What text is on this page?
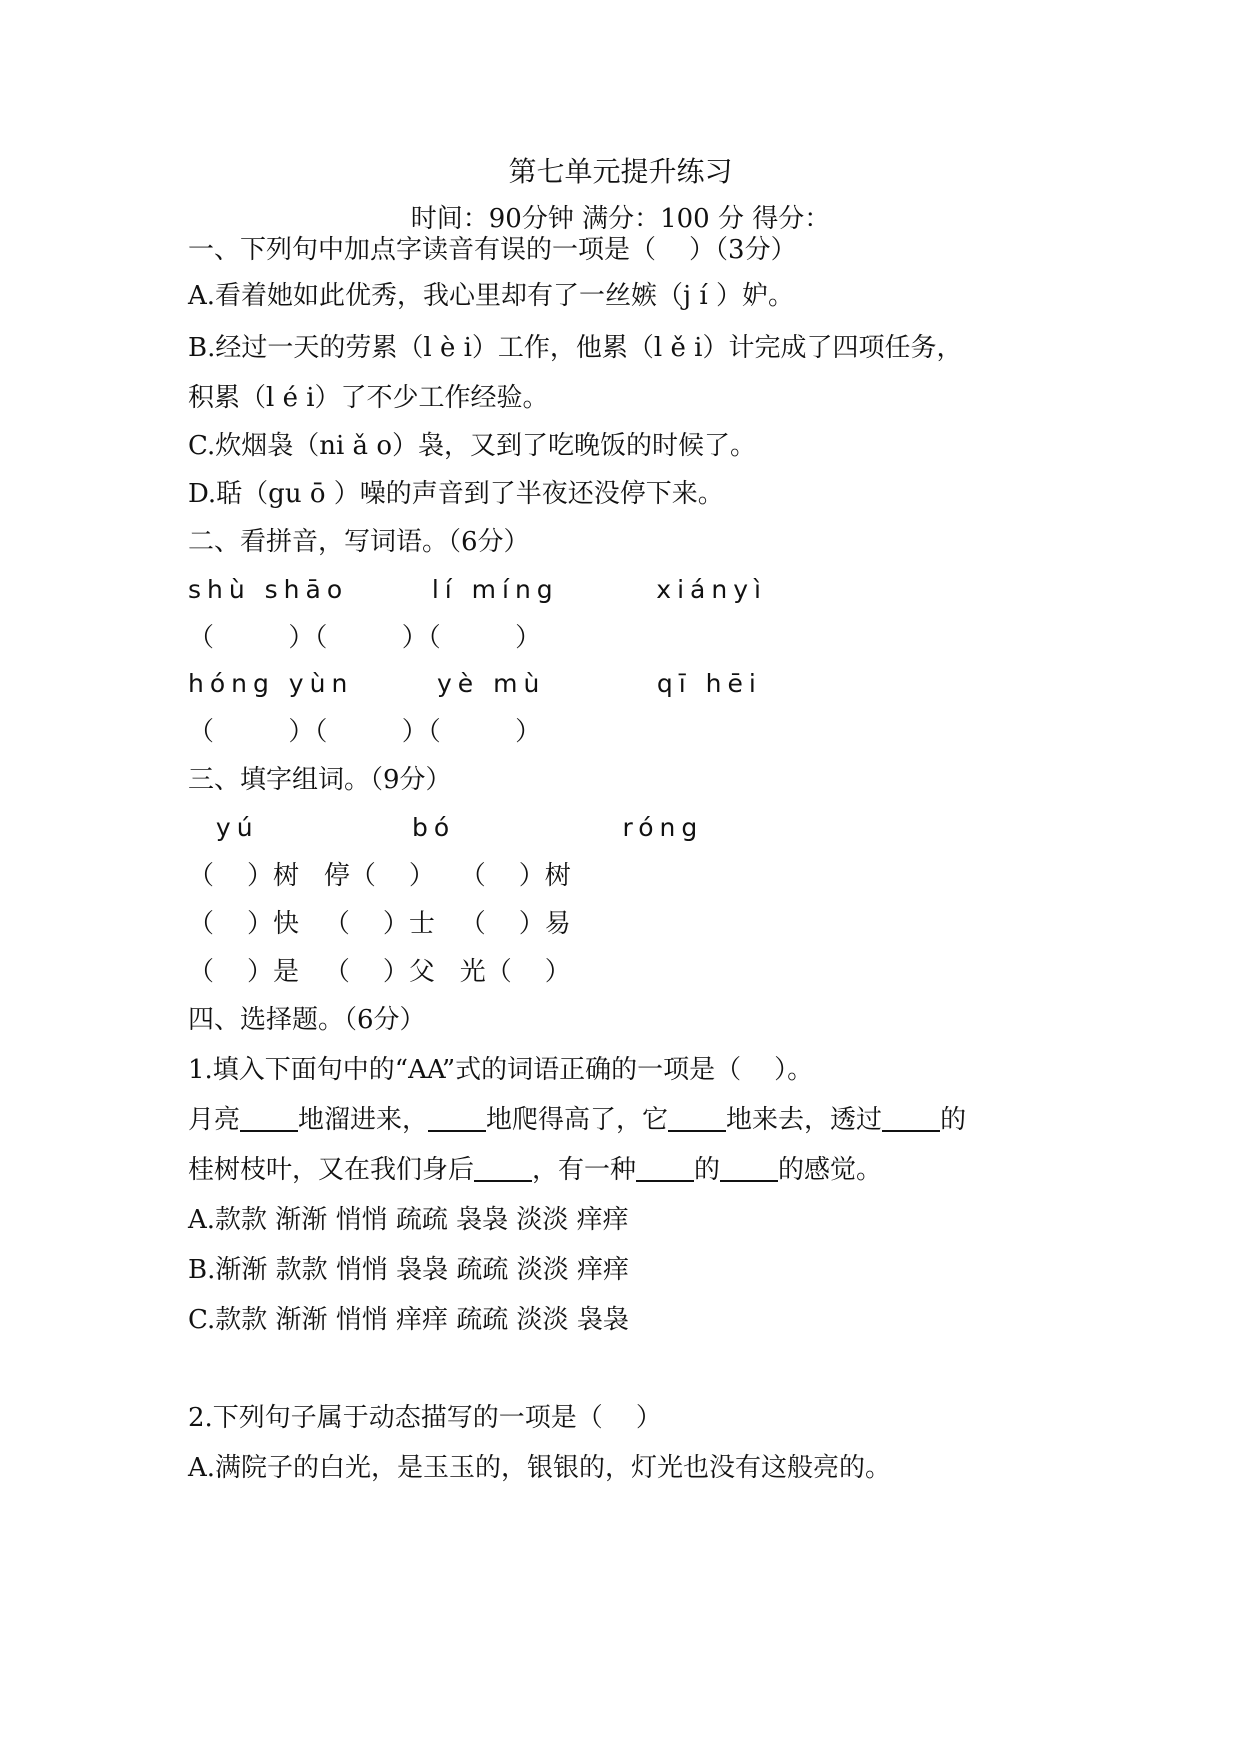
第七单元提升练习
时间：90分钟 满分：100 分 得分：
一、下列句中加点字读音有误的一项是（    ）（3分）
A.看着她如此优秀，我心里却有了一丝嫉（j í ）妒。
B.经过一天的劳累（l è i）工作，他累（l ě i）计完成了四项任务，
积累（l é i）了不少工作经验。
C.炊烟袅（ni ǎ o）袅，又到了吃晚饭的时候了。
D.聒（gu ō ）噪的声音到了半夜还没停下来。
二、看拼音，写词语。（6分）
shù shāo      lí míng       xiányì
（         ）（         ）（         ）
hóng yùn      yè mù        qī hēi
（         ）（         ）（         ）
三、填字组词。（9分）
yú           bó            róng
（    ）树   停（    ）   （    ）树
（    ）快   （    ）士   （    ）易
（    ）是   （    ）父   光（    ）
四、选择题。（6分）
1.填入下面句中的“AA”式的词语正确的一项是（    ）。
月亮 地溜进来， 地爬得高了，它 地来去，透过 的
桂树枝叶，又在我们身后 ，有一种 的 的感觉。
A.款款 渐渐 悄悄 疏疏 袅袅 淡淡 痒痒
B.渐渐 款款 悄悄 袅袅 疏疏 淡淡 痒痒
C.款款 渐渐 悄悄 痒痒 疏疏 淡淡 袅袅
2.下列句子属于动态描写的一项是（    ）
A.满院子的白光，是玉玉的，银银的，灯光也没有这般亮的。
